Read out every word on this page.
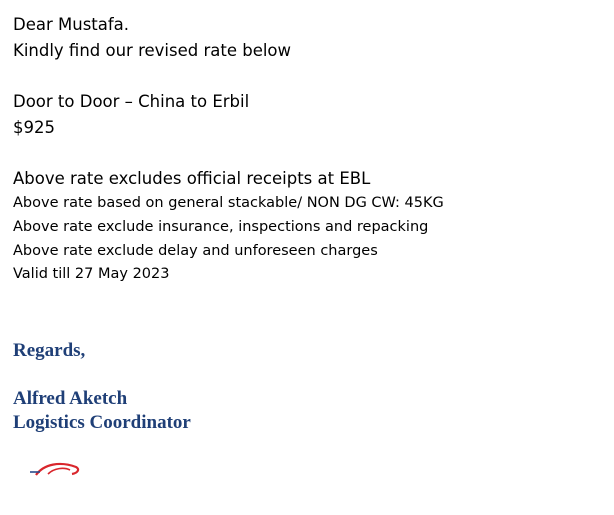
Dear Mustafa.
Kindly find our revised rate below
Door to Door – China to Erbil
$925
Above rate excludes official receipts at EBL
Above rate based on general stackable/ NON DG CW: 45KG
Above rate exclude insurance, inspections and repacking
Above rate exclude delay and unforeseen charges
Valid till 27 May 2023
Regards,
Alfred Aketch
Logistics Coordinator
